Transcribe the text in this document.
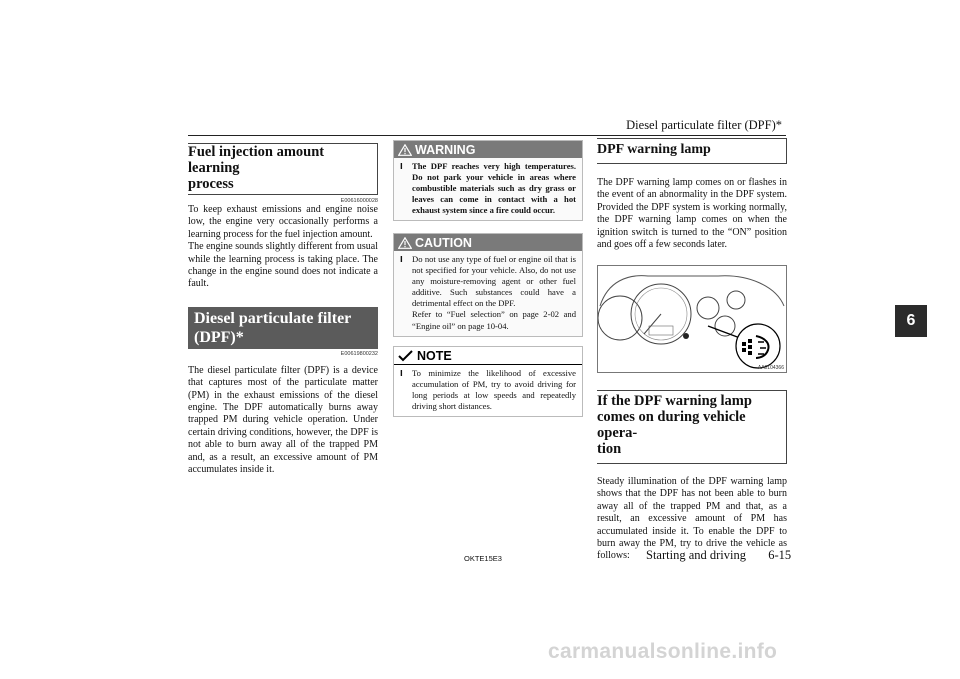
Diesel particulate filter (DPF)*
6
Fuel injection amount learning
process
E00616000028
To keep exhaust emissions and engine noise low, the engine very occasionally performs a learning process for the fuel injection amount.
The engine sounds slightly different from usual while the learning process is taking place. The change in the engine sound does not indicate a fault.
Diesel particulate filter
(DPF)*
E00619800232
The diesel particulate filter (DPF) is a device that captures most of the particulate matter (PM) in the exhaust emissions of the diesel engine. The DPF automatically burns away trapped PM during vehicle operation. Under certain driving conditions, however, the DPF is not able to burn away all of the trapped PM and, as a result, an excessive amount of PM accumulates inside it.
WARNING
l	The DPF reaches very high temperatures. Do not park your vehicle in areas where combustible materials such as dry grass or leaves can come in contact with a hot exhaust system since a fire could occur.
CAUTION
l	Do not use any type of fuel or engine oil that is not specified for your vehicle. Also, do not use any moisture-removing agent or other fuel additive. Such substances could have a detrimental effect on the DPF.
Refer to “Fuel selection” on page 2-02 and “Engine oil” on page 10-04.
NOTE
l	To minimize the likelihood of excessive accumulation of PM, try to avoid driving for long periods at low speeds and repeatedly driving short distances.
DPF warning lamp
The DPF warning lamp comes on or flashes in the event of an abnormality in the DPF system. Provided the DPF system is working normally, the DPF warning lamp comes on when the ignition switch is turned to the “ON” position and goes off a few seconds later.
AA0104366
If the DPF warning lamp
comes on during vehicle opera-
tion
Steady illumination of the DPF warning lamp shows that the DPF has not been able to burn away all of the trapped PM and that, as a result, an excessive amount of PM has accumulated inside it. To enable the DPF to burn away the PM, try to drive the vehicle as follows:
OKTE15E3	Starting and driving 6-15
carmanualsonline.info
